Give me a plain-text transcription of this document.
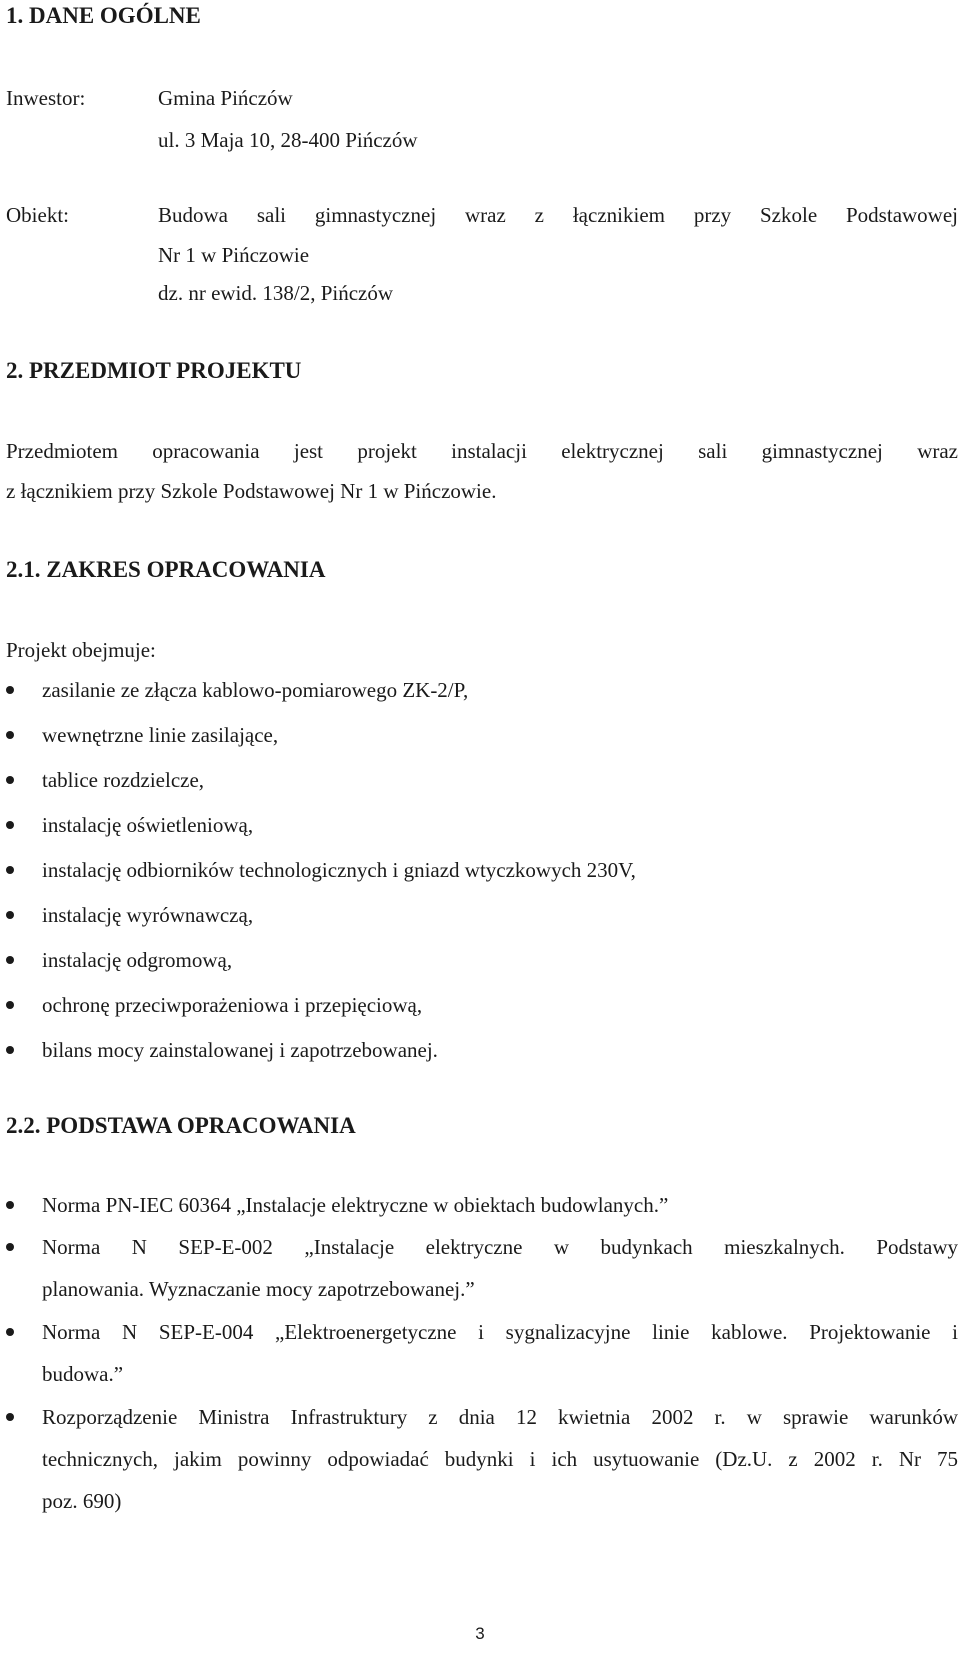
1. DANE OGÓLNE
Inwestor:	Gmina Pińczów
ul. 3 Maja 10, 28-400 Pińczów
Obiekt:	Budowa sali gimnastycznej wraz z łącznikiem przy Szkole Podstawowej
Nr 1 w Pińczowie
dz. nr ewid. 138/2, Pińczów
2. PRZEDMIOT PROJEKTU
Przedmiotem opracowania jest projekt instalacji elektrycznej sali gimnastycznej wraz
z łącznikiem przy Szkole Podstawowej Nr 1 w Pińczowie.
2.1. ZAKRES OPRACOWANIA
Projekt obejmuje:
zasilanie ze złącza kablowo-pomiarowego ZK-2/P,
wewnętrzne linie zasilające,
tablice rozdzielcze,
instalację oświetleniową,
instalację odbiorników technologicznych i gniazd wtyczkowych 230V,
instalację wyrównawczą,
instalację odgromową,
ochronę przeciwporażeniowa i przepięciową,
bilans mocy zainstalowanej i zapotrzebowanej.
2.2. PODSTAWA OPRACOWANIA
Norma PN-IEC 60364 „Instalacje elektryczne w obiektach budowlanych.”
Norma N SEP-E-002 „Instalacje elektryczne w budynkach mieszkalnych. Podstawy
planowania. Wyznaczanie mocy zapotrzebowanej.”
Norma N SEP-E-004 „Elektroenergetyczne i sygnalizacyjne linie kablowe. Projektowanie i
budowa.”
Rozporządzenie Ministra Infrastruktury z dnia 12 kwietnia 2002 r. w sprawie warunków
technicznych, jakim powinny odpowiadać budynki i ich usytuowanie (Dz.U. z 2002 r. Nr 75
poz. 690)
3
